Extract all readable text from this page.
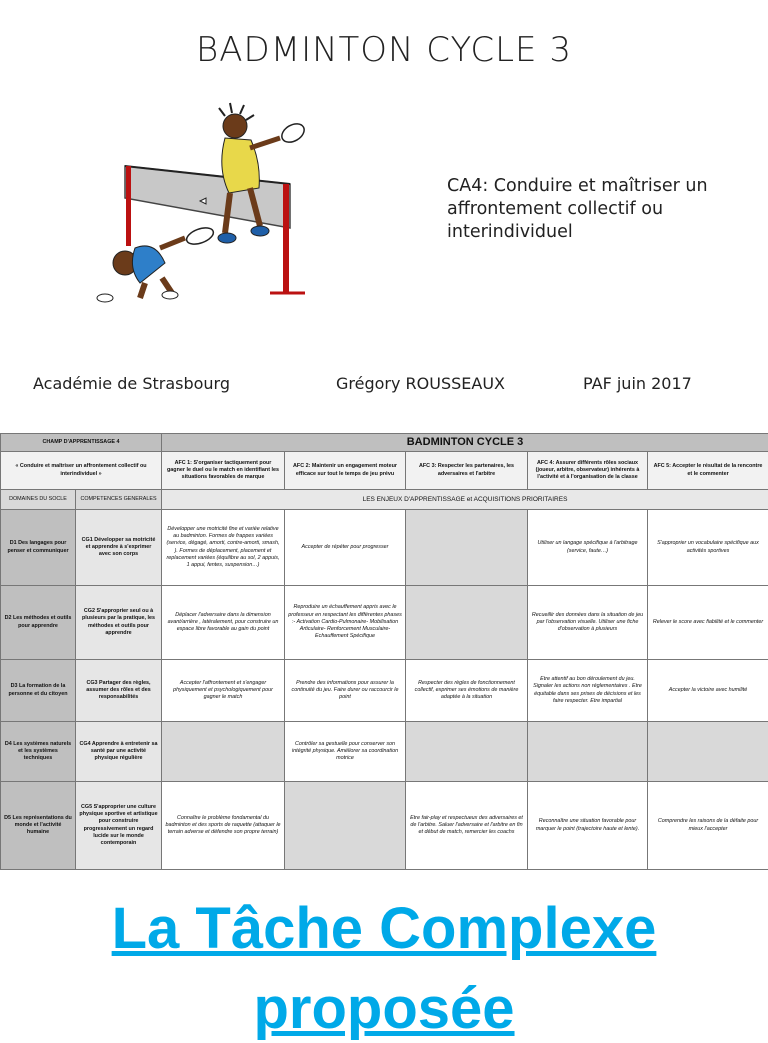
BADMINTON CYCLE 3
CA4: Conduire et maîtriser un affrontement collectif ou interindividuel
Académie de Strasbourg	Grégory ROUSSEAUX	PAF juin 2017
CHAMP D'APPRENTISSAGE 4		BADMINTON CYCLE 3				
« Conduire et maîtriser un affrontement collectif ou interindividuel »		AFC 1: S'organiser tactiquement pour gagner le duel ou le match en identifiant les situations favorables de marque	AFC 2: Maintenir un engagement moteur efficace sur tout le temps de jeu prévu	AFC 3: Respecter les partenaires, les adversaires et l'arbitre	AFC 4: Assurer différents rôles sociaux (joueur, arbitre, observateur) inhérents à l'activité et à l'organisation de la classe	AFC 5: Accepter le résultat de la rencontre et le commenter
DOMAINES DU SOCLE	COMPETENCES GENERALES	LES ENJEUX D'APPRENTISSAGE et ACQUISITIONS PRIORITAIRES				
D1 Des langages pour penser et communiquer	CG1 Développer sa motricité et apprendre à s'exprimer avec son corps	Développer une motricité fine et variée relative au badminton. Formes de frappes variées (service, dégagé, amorti, contre-amorti, smash, ). Formes de déplacement, placement et replacement variées (équilibre au sol, 2 appuis, 1 appui, fentes, suspension…)	Accepter de répéter pour progresser		Utiliser un langage spécifique à l'arbitrage (service, faute…)	S'approprier un vocabulaire spécifique aux activités sportives
D2 Les méthodes et outils pour apprendre	CG2 S'approprier seul ou à plusieurs par la pratique, les méthodes et outils pour apprendre	Déplacer l'adversaire dans la dimension avant/arrière , latéralement, pour construire un espace libre favorable au gain du point	Reproduire un échauffement appris avec le professeur en respectant les différentes phases :- Activation Cardio-Pulmonaire- Mobilisation Articulaire- Renforcement Musculaire- Echauffement Spécifique		Recueillir des données dans la situation de jeu par l'observation visuelle. Utiliser une fiche d'observation à plusieurs	Relever le score avec fiabilité et le commenter
D3 La formation de la personne et du citoyen	CG3 Partager des règles, assumer des rôles et des responsabilités	Accepter l'affrontement et s'engager physiquement et psychologiquement pour gagner le match	Prendre des informations pour assurer la continuité du jeu. Faire durer ou raccourcir le point	Respecter des règles de fonctionnement collectif, exprimer ses émotions de manière adaptée à la situation	Etre attentif au bon déroulement du jeu. Signaler les actions non réglementaires . Etre équitable dans ses prises de décisions et les faire respecter. Etre impartial	Accepter la victoire avec humilité
D4 Les systèmes naturels et les systèmes techniques	CG4 Apprendre à entretenir sa santé par une activité physique régulière		Contrôler sa gestuelle pour conserver son intégrité physique. Améliorer sa coordination motrice			
D5 Les représentations du monde et l'activité humaine	CG5 S'approprier une culture physique sportive et artistique pour construire progressivement un regard lucide sur le monde contemporain	Connaître le problème fondamental du badminton et des sports de raquette (attaquer le terrain adverse et défendre son propre terrain)		Etre fair-play et respectueux des adversaires et de l'arbitre. Saluer l'adversaire et l'arbitre en fin et début de match, remercier les coachs	Reconnaître une situation favorable pour marquer le point (trajectoire haute et lente).	Comprendre les raisons de la défaite pour mieux l'accepter
La Tâche Complexe
proposée
